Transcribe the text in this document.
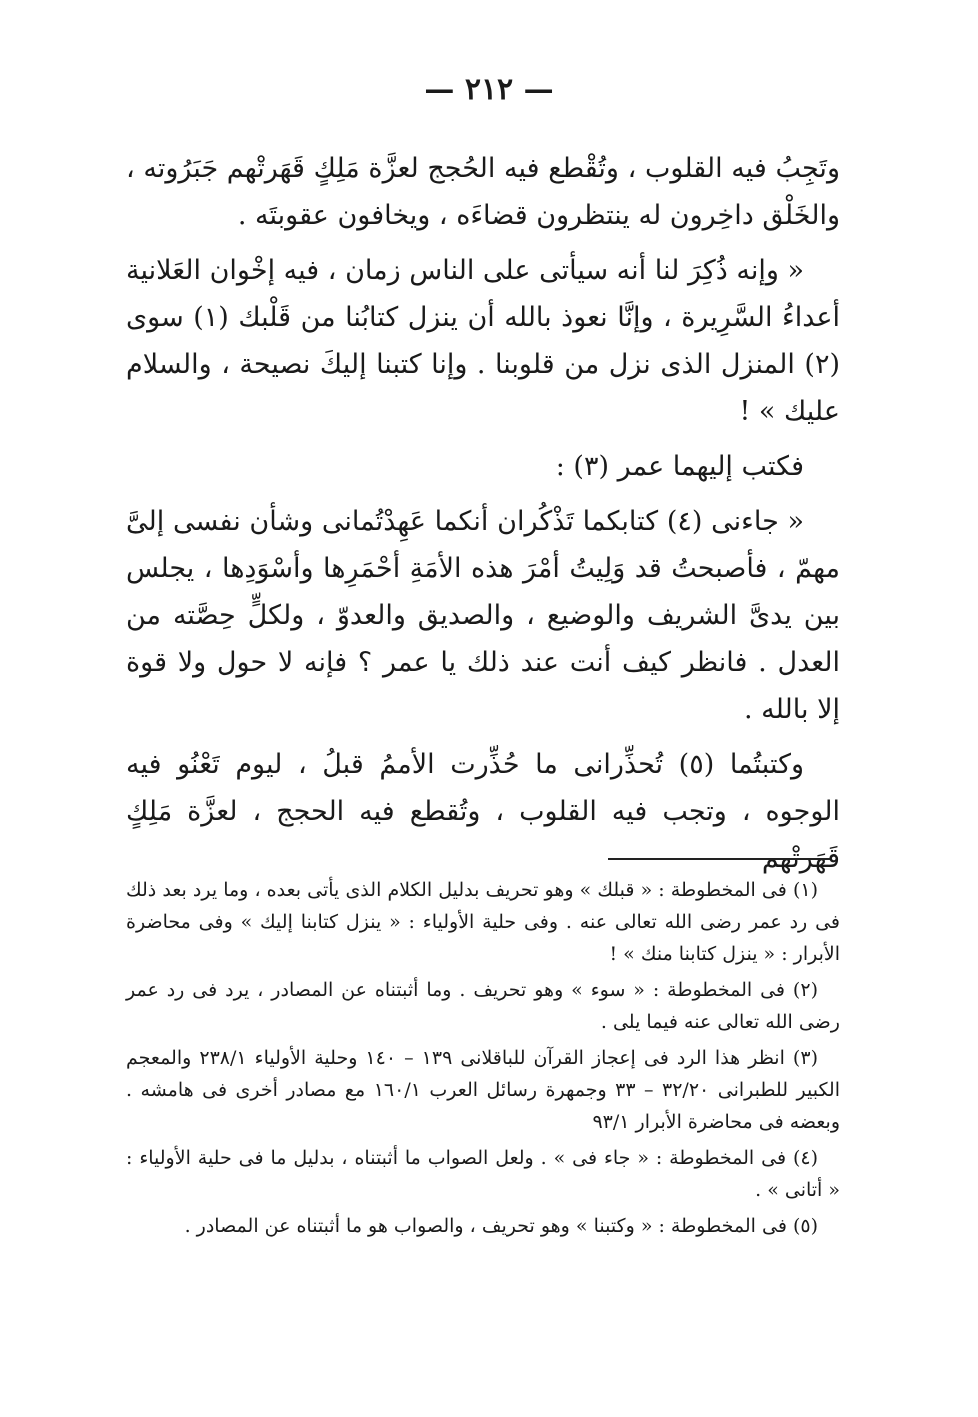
— ٢١٢ —

وتَجِبُ فيه القلوب ، وتُقْطع فيه الحُجج لعزَّة مَلِكٍ قَهَرتْهم جَبَرُوته ، والخَلْق داخِرون له ينتظرون قضاءَه ، ويخافون عقوبتَه .

« وإنه ذُكِرَ لنا أنه سيأتى على الناس زمان ، فيه إخْوان العَلانية أعداءُ السَّرِيرة ، وإنَّا نعوذ بالله أن ينزل كتابُنا من قَلْبك (١) سوى (٢) المنزل الذى نزل من قلوبنا . وإنا كتبنا إليكَ نصيحة ، والسلام عليك » !

فكتب إليهما عمر (٣) :

« جاءنى (٤) كتابكما تَذْكُران أنكما عَهِدْتُمانى وشأن نفسى إلىَّ مهمّ ، فأصبحتُ قد وَلِيتُ أمْرَ هذه الأمَةِ أحْمَرِها وأسْوَدِها ، يجلس بين يدىَّ الشريف والوضيع ، والصديق والعدوّ ، ولكلٍّ حِصَّته من العدل . فانظر كيف أنت عند ذلك يا عمر ؟ فإنه لا حول ولا قوة إلا بالله .

وكتبتُما (٥) تُحذِّرانى ما حُذِّرت الأممُ قبلُ ، ليوم تَعْنُو فيه الوجوه ، وتجب فيه القلوب ، وتُقطع فيه الحجج ، لعزَّة مَلِكٍ قَهَرتْهم

(١) فى المخطوطة : « قبلك » وهو تحريف بدليل الكلام الذى يأتى بعده ، وما يرد بعد ذلك فى رد عمر رضى الله تعالى عنه . وفى حلية الأولياء : « ينزل كتابنا إليك » وفى محاضرة الأبرار : « ينزل كتابنا منك » !

(٢) فى المخطوطة : « سوء » وهو تحريف . وما أثبتناه عن المصادر ، يرد فى رد عمر رضى الله تعالى عنه فيما يلى .

(٣) انظر هذا الرد فى إعجاز القرآن للباقلانى ١٣٩ – ١٤٠ وحلية الأولياء ٢٣٨/١ والمعجم الكبير للطبرانى ٣٢/٢٠ – ٣٣ وجمهرة رسائل العرب ١٦٠/١ مع مصادر أخرى فى هامشه . وبعضه فى محاضرة الأبرار ٩٣/١

(٤) فى المخطوطة : « جاء فى » . ولعل الصواب ما أثبتناه ، بدليل ما فى حلية الأولياء : « أتانى » .

(٥) فى المخطوطة : « وكتبنا » وهو تحريف ، والصواب هو ما أثبتناه عن المصادر .
